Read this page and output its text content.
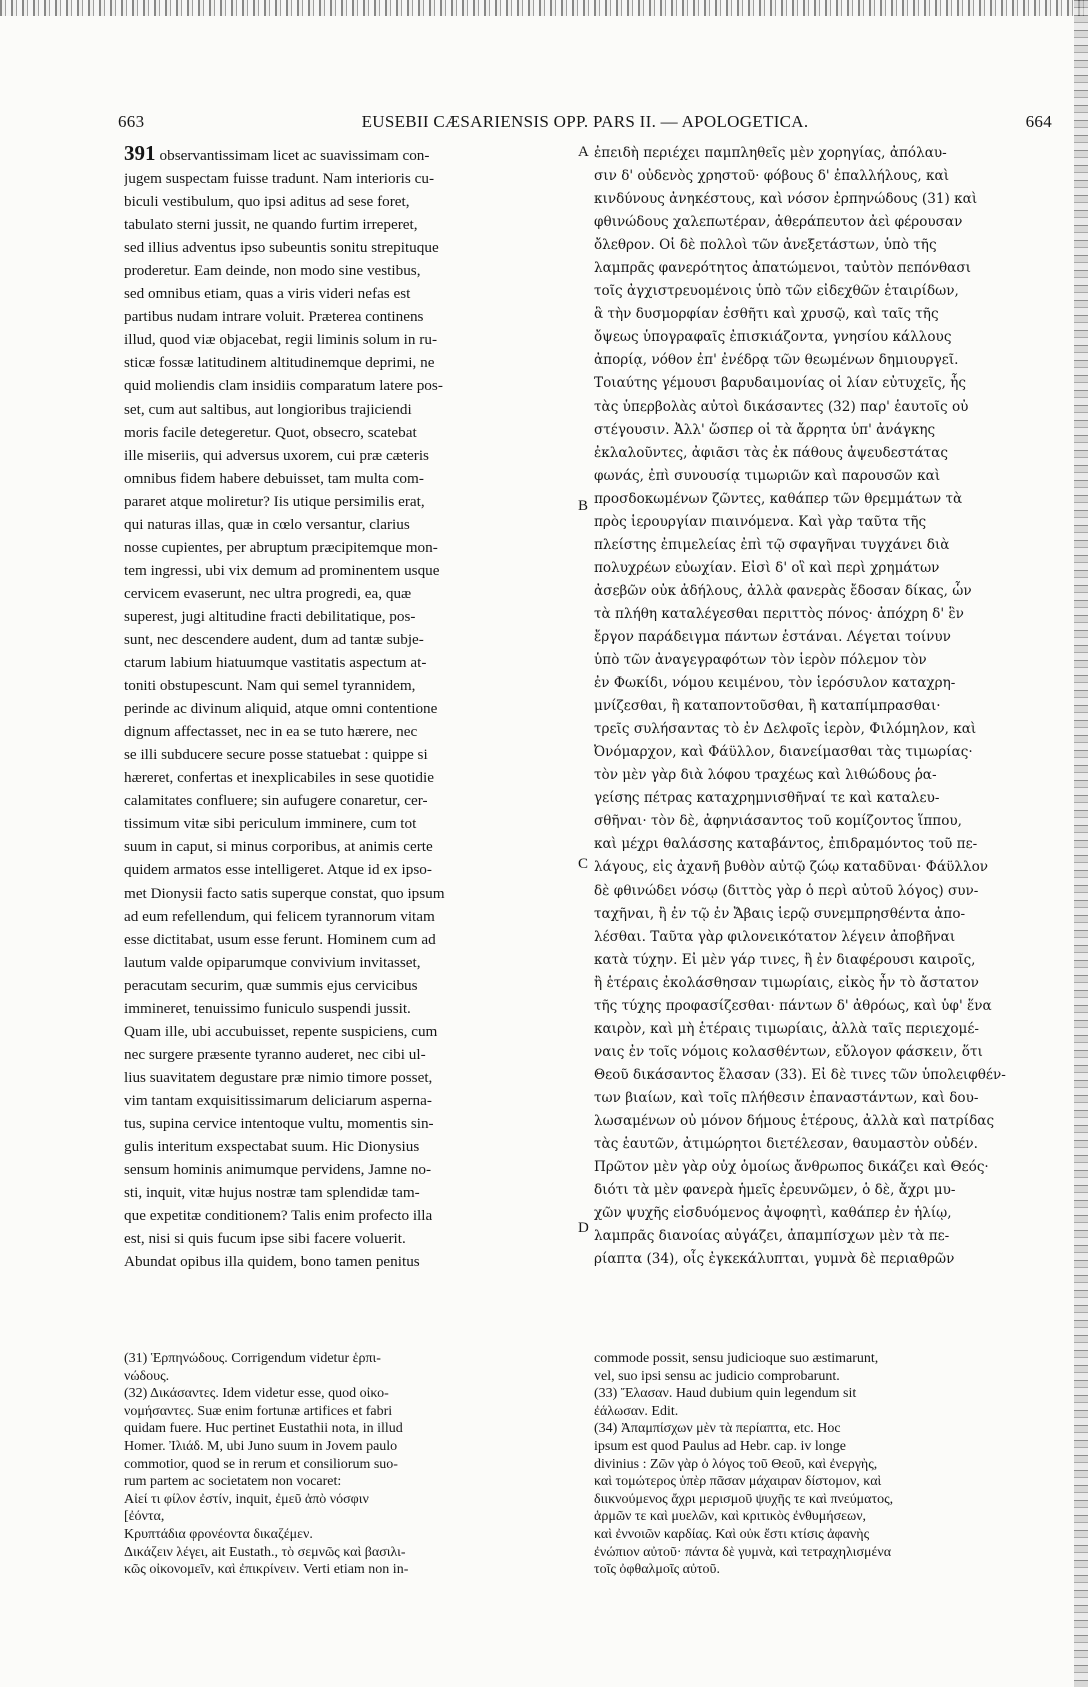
663	EUSEBII CÆSARIENSIS OPP. PARS II. — APOLOGETICA.	664
A
B
C
D
391 observantissimam licet ac suavissimam con-
jugem suspectam fuisse tradunt. Nam interioris cu-
biculi vestibulum, quo ipsi aditus ad sese foret,
tabulato sterni jussit, ne quando furtim irreperet,
sed illius adventus ipso subeuntis sonitu strepituque
proderetur. Eam deinde, non modo sine vestibus,
sed omnibus etiam, quas a viris videri nefas est
partibus nudam intrare voluit. Præterea continens
illud, quod viæ objacebat, regii liminis solum in ru-
sticæ fossæ latitudinem altitudinemque deprimi, ne
quid moliendis clam insidiis comparatum latere pos-
set, cum aut saltibus, aut longioribus trajiciendi
moris facile detegeretur. Quot, obsecro, scatebat
ille miseriis, qui adversus uxorem, cui præ cæteris
omnibus fidem habere debuisset, tam multa com-
pararet atque moliretur? Iis utique persimilis erat,
qui naturas illas, quæ in cœlo versantur, clarius
nosse cupientes, per abruptum præcipitemque mon-
tem ingressi, ubi vix demum ad prominentem usque
cervicem evaserunt, nec ultra progredi, ea, quæ
superest, jugi altitudine fracti debilitatique, pos-
sunt, nec descendere audent, dum ad tantæ subje-
ctarum labium hiatuumque vastitatis aspectum at-
toniti obstupescunt. Nam qui semel tyrannidem,
perinde ac divinum aliquid, atque omni contentione
dignum affectasset, nec in ea se tuto hærere, nec
se illi subducere secure posse statuebat : quippe si
hæreret, confertas et inexplicabiles in sese quotidie
calamitates confluere; sin aufugere conaretur, cer-
tissimum vitæ sibi periculum imminere, cum tot
suum in caput, si minus corporibus, at animis certe
quidem armatos esse intelligeret. Atque id ex ipso-
met Dionysii facto satis superque constat, quo ipsum
ad eum refellendum, qui felicem tyrannorum vitam
esse dictitabat, usum esse ferunt. Hominem cum ad
lautum valde opiparumque convivium invitasset,
peracutam securim, quæ summis ejus cervicibus
immineret, tenuissimo funiculo suspendi jussit.
Quam ille, ubi accubuisset, repente suspiciens, cum
nec surgere præsente tyranno auderet, nec cibi ul-
lius suavitatem degustare præ nimio timore posset,
vim tantam exquisitissimarum deliciarum asperna-
tus, supina cervice intentoque vultu, momentis sin-
gulis interitum exspectabat suum. Hic Dionysius
sensum hominis animumque pervidens, Jamne no-
sti, inquit, vitæ hujus nostræ tam splendidæ tam-
que expetitæ conditionem? Talis enim profecto illa
est, nisi si quis fucum ipse sibi facere voluerit.
Abundat opibus illa quidem, bono tamen penitus
ἐπειδὴ περιέχει παμπληθεῖς μὲν χορηγίας, ἀπόλαυ-
σιν δ' οὐδενὸς χρηστοῦ· φόβους δ' ἐπαλλήλους, καὶ
κινδύνους ἀνηκέστους, καὶ νόσον ἐρπηνώδους (31) καὶ
φθινώδους χαλεπωτέραν, ἀθεράπευτον ἀεὶ φέρουσαν
ὄλεθρον. Οἱ δὲ πολλοὶ τῶν ἀνεξετάστων, ὑπὸ τῆς
λαμπρᾶς φανερότητος ἀπατώμενοι, ταὐτὸν πεπόνθασι
τοῖς ἀγχιστρευομένοις ὑπὸ τῶν εἰδεχθῶν ἑταιρίδων,
ἃ τὴν δυσμορφίαν ἐσθῆτι καὶ χρυσῷ, καὶ ταῖς τῆς
ὄψεως ὑπογραφαῖς ἐπισκιάζοντα, γνησίου κάλλους
ἀπορίᾳ, νόθον ἐπ' ἐνέδρᾳ τῶν θεωμένων δημιουργεῖ.
Τοιαύτης γέμουσι βαρυδαιμονίας οἱ λίαν εὐτυχεῖς, ἧς
τὰς ὑπερβολὰς αὐτοὶ δικάσαντες (32) παρ' ἑαυτοῖς οὐ
στέγουσιν. Ἀλλ' ὥσπερ οἱ τὰ ἄρρητα ὑπ' ἀνάγκης
ἐκλαλοῦντες, ἀφιᾶσι τὰς ἐκ πάθους ἀψευδεστάτας
φωνάς, ἐπὶ συνουσίᾳ τιμωριῶν καὶ παρουσῶν καὶ
προσδοκωμένων ζῶντες, καθάπερ τῶν θρεμμάτων τὰ
πρὸς ἱερουργίαν πιαινόμενα. Καὶ γὰρ ταῦτα τῆς
πλείστης ἐπιμελείας ἐπὶ τῷ σφαγῆναι τυγχάνει διὰ
πολυχρέων εὐωχίαν. Εἰσὶ δ' οἳ καὶ περὶ χρημάτων
ἀσεβῶν οὐκ ἀδήλους, ἀλλὰ φανερὰς ἔδοσαν δίκας, ὧν
τὰ πλήθη καταλέγεσθαι περιττὸς πόνος· ἀπόχρη δ' ἓν
ἔργον παράδειγμα πάντων ἑστάναι. Λέγεται τοίνυν
ὑπὸ τῶν ἀναγεγραφότων τὸν ἱερὸν πόλεμον τὸν
ἐν Φωκίδι, νόμου κειμένου, τὸν ἱερόσυλον καταχρη-
μνίζεσθαι, ἢ καταποντοῦσθαι, ἢ καταπίμπρασθαι·
τρεῖς συλήσαντας τὸ ἐν Δελφοῖς ἱερὸν, Φιλόμηλον, καὶ
Ὀνόμαρχον, καὶ Φάϋλλον, διανείμασθαι τὰς τιμωρίας·
τὸν μὲν γὰρ διὰ λόφου τραχέως καὶ λιθώδους ῥα-
γείσης πέτρας καταχρημνισθῆναί τε καὶ καταλευ-
σθῆναι· τὸν δὲ, ἀφηνιάσαντος τοῦ κομίζοντος ἵππου,
καὶ μέχρι θαλάσσης καταβάντος, ἐπιδραμόντος τοῦ πε-
λάγους, εἰς ἀχανῆ βυθὸν αὐτῷ ζώῳ καταδῦναι· Φάϋλλον
δὲ φθινώδει νόσῳ (διττὸς γὰρ ὁ περὶ αὐτοῦ λόγος) συν-
ταχῆναι, ἢ ἐν τῷ ἐν Ἄβαις ἱερῷ συνεμπρησθέντα ἀπο-
λέσθαι. Ταῦτα γὰρ φιλονεικότατον λέγειν ἀποβῆναι
κατὰ τύχην. Εἰ μὲν γάρ τινες, ἢ ἐν διαφέρουσι καιροῖς,
ἢ ἑτέραις ἐκολάσθησαν τιμωρίαις, εἰκὸς ἦν τὸ ἄστατον
τῆς τύχης προφασίζεσθαι· πάντων δ' ἀθρόως, καὶ ὑφ' ἕνα
καιρὸν, καὶ μὴ ἑτέραις τιμωρίαις, ἀλλὰ ταῖς περιεχομέ-
ναις ἐν τοῖς νόμοις κολασθέντων, εὔλογον φάσκειν, ὅτι
Θεοῦ δικάσαντος ἔλασαν (33). Εἰ δὲ τινες τῶν ὑπολειφθέν-
των βιαίων, καὶ τοῖς πλήθεσιν ἐπαναστάντων, καὶ δου-
λωσαμένων οὐ μόνον δήμους ἑτέρους, ἀλλὰ καὶ πατρίδας
τὰς ἑαυτῶν, ἀτιμώρητοι διετέλεσαν, θαυμαστὸν οὐδέν.
Πρῶτον μὲν γὰρ οὐχ ὁμοίως ἄνθρωπος δικάζει καὶ Θεός·
διότι τὰ μὲν φανερὰ ἡμεῖς ἐρευνῶμεν, ὁ δὲ, ἄχρι μυ-
χῶν ψυχῆς εἰσδυόμενος ἀψοφητὶ, καθάπερ ἐν ἡλίῳ,
λαμπρᾶς διανοίας αὐγάζει, ἀπαμπίσχων μὲν τὰ πε-
ρίαπτα (34), οἷς ἐγκεκάλυπται, γυμνὰ δὲ περιαθρῶν
(31) Ἑρπηνώδους. Corrigendum videtur ἑρπι-
νώδους.
(32) Δικάσαντες. Idem videtur esse, quod οἰκο-
νομήσαντες. Suæ enim fortunæ artifices et fabri
quidam fuere. Huc pertinet Eustathii nota, in illud
Homer. Ἰλιάδ. M, ubi Juno suum in Jovem paulo
commotior, quod se in rerum et consiliorum suo-
rum partem ac societatem non vocaret:
Αἰεί τι φίλον ἐστίν, inquit, ἐμεῦ ἀπὸ νόσφιν
[ἐόντα,
Κρυπτάδια φρονέοντα δικαζέμεν.
Δικάζειν λέγει, ait Eustath., τὸ σεμνῶς καὶ βασιλι-
κῶς οἰκονομεῖν, καὶ ἐπικρίνειν. Verti etiam non in-
commode possit, sensu judicioque suo æstimarunt,
vel, suo ipsi sensu ac judicio comprobarunt.
(33) Ἔλασαν. Haud dubium quin legendum sit
ἐάλωσαν. Edit.
(34) Ἀπαμπίσχων μὲν τὰ περίαπτα, etc. Hoc
ipsum est quod Paulus ad Hebr. cap. iv longe
divinius : Ζῶν γὰρ ὁ λόγος τοῦ Θεοῦ, καὶ ἐνεργὴς,
καὶ τομώτερος ὑπὲρ πᾶσαν μάχαιραν δίστομον, καὶ
διικνούμενος ἄχρι μερισμοῦ ψυχῆς τε καὶ πνεύματος,
ἁρμῶν τε καὶ μυελῶν, καὶ κριτικὸς ἐνθυμήσεων,
καὶ ἐννοιῶν καρδίας. Καὶ οὐκ ἔστι κτίσις ἀφανὴς
ἐνώπιον αὐτοῦ· πάντα δὲ γυμνὰ, καὶ τετραχηλισμένα
τοῖς ὀφθαλμοῖς αὐτοῦ.
